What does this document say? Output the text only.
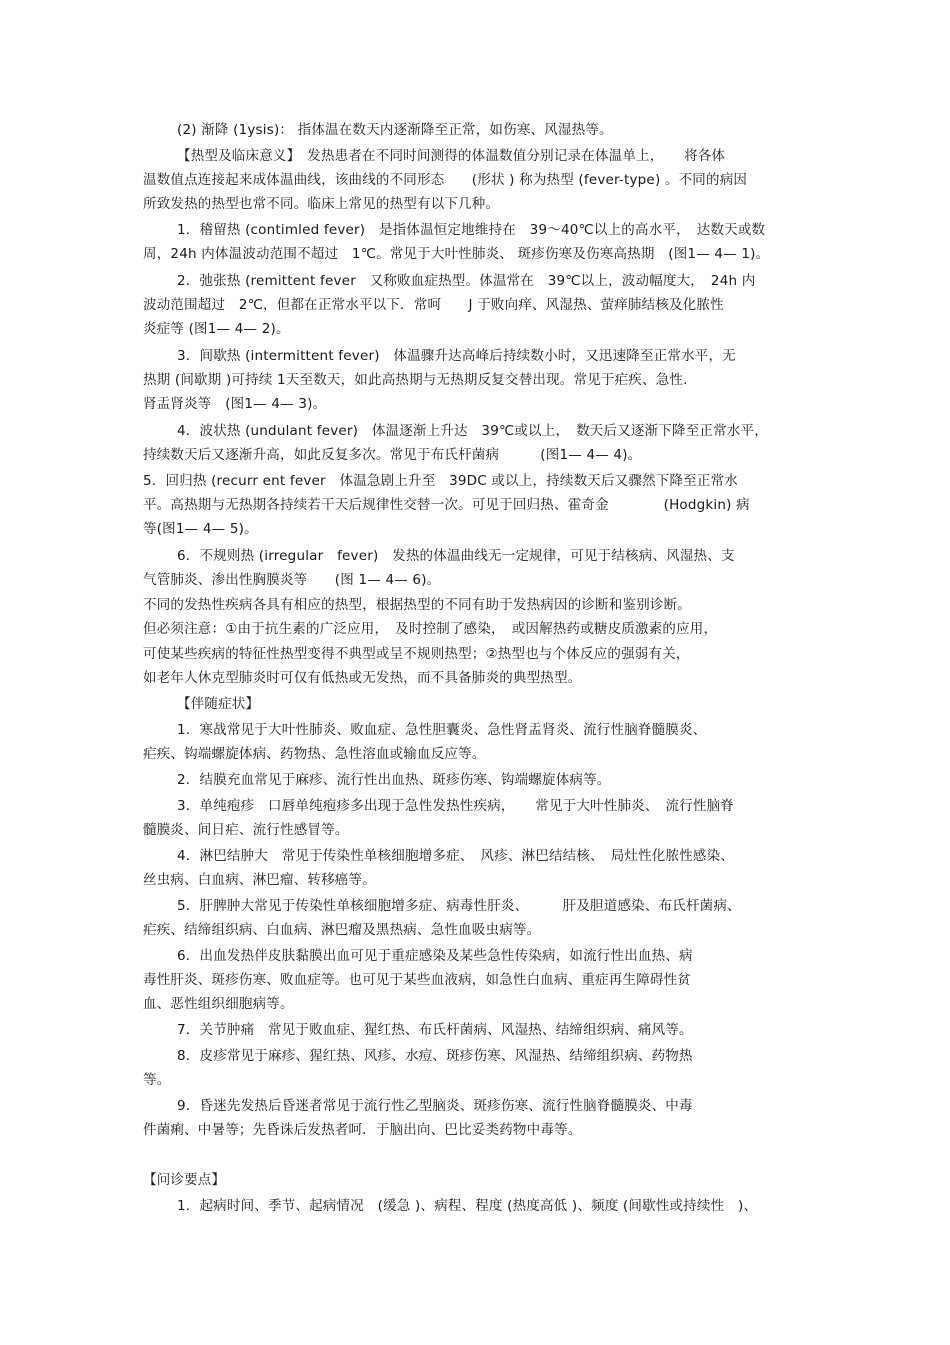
(2) 渐降 (1ysis)： 指体温在数天内逐渐降至正常，如伤寒、风湿热等。
【热型及临床意义】　发热患者在不同时间测得的体温数值分别记录在体温单上，　　将各体
温数值点连接起来成体温曲线，该曲线的不同形态　　(形状 ) 称为热型 (fever-type) 。不同的病因
所致发热的热型也常不同。临床上常见的热型有以下几种。
1．稽留热 (contimled fever)　是指体温恒定地维持在　39～40℃以上的高水平，　达数天或数
周，24h 内体温波动范围不超过　1℃。常见于大叶性肺炎、 斑疹伤寒及伤寒高热期　(图1— 4— 1)。
2．弛张热 (remittent fever　又称败血症热型。体温常在　39℃以上，波动幅度大，　24h 内
波动范围超过　2℃，但都在正常水平以下．常呵　　J 于败向痒、风湿热、萤痒肺结核及化脓性
炎症等 (图1— 4— 2)。
3．间歇热 (intermittent fever)　体温骤升达高峰后持续数小时，又迅速降至正常水平，无
热期 (间歇期 )可持续 1天至数天，如此高热期与无热期反复交替出现。常见于疟疾、急性.
肾盂肾炎等　(图1— 4— 3)。
4．波状热 (undulant fever)　体温逐渐上升达　39℃或以上，　数天后又逐渐下降至正常水平，
持续数天后又逐渐升高，如此反复多次。常见于布氏杆菌病　　　(图1— 4— 4)。
5．回归热 (recurr ent fever　体温急剧上升至　39DC 或以上，持续数天后又骤然下降至正常水
平。高热期与无热期各持续若干天后规律性交替一次。可见于回归热、霍奇金　　　　(Hodgkin) 病
等(图1— 4— 5)。
6．不规则热 (irregular　fever)　发热的体温曲线无一定规律，可见于结核病、风湿热、支
气管肺炎、渗出性胸膜炎等　　(图 1— 4— 6)。
不同的发热性疾病各具有相应的热型，根据热型的不同有助于发热病因的诊断和鉴别诊断。
但必须注意：①由于抗生素的广泛应用，　及时控制了感染，　或因解热药或糖皮质激素的应用，
可使某些疾病的特征性热型变得不典型或呈不规则热型；②热型也与个体反应的强弱有关，
如老年人休克型肺炎时可仅有低热或无发热，而不具备肺炎的典型热型。
【伴随症状】
1．寒战常见于大叶性肺炎、败血症、急性胆囊炎、急性肾盂肾炎、流行性脑脊髓膜炎、
疟疾、钩端螺旋体病、药物热、急性溶血或输血反应等。
2．结膜充血常见于麻疹、流行性出血热、斑疹伤寒、钩端螺旋体病等。
3．单纯疱疹　口唇单纯疱疹多出现于急性发热性疾病，　　常见于大叶性肺炎、　流行性脑脊
髓膜炎、间日疟、流行性感冒等。
4．淋巴结肿大　常见于传染性单核细胞增多症、　风疹、淋巴结结核、　局灶性化脓性感染、
丝虫病、白血病、淋巴瘤、转移癌等。
5．肝脾肿大常见于传染性单核细胞增多症、病毒性肝炎、　　　肝及胆道感染、布氏杆菌病、
疟疾、结缔组织病、白血病、淋巴瘤及黑热病、急性血吸虫病等。
6．出血发热伴皮肤黏膜出血可见于重症感染及某些急性传染病，如流行性出血热、病
毒性肝炎、斑疹伤寒、败血症等。也可见于某些血液病，如急性白血病、重症再生障碍性贫
血、恶性组织细胞病等。
7．关节肿痛　常见于败血症、猩红热、布氏杆菌病、风湿热、结缔组织病、痛风等。
8．皮疹常见于麻疹、猩红热、风疹、水痘、斑疹伤寒、风湿热、结缔组织病、药物热
等。
9．昏迷先发热后昏迷者常见于流行性乙型脑炎、斑疹伤寒、流行性脑脊髓膜炎、中毒
件菌痢、中暑等；先昏诛后发热者呵．于脑出向、巴比妥类药物中毒等。
【问诊要点】
1．起病时间、季节、起病情况　(缓急 )、病程、程度 (热度高低 )、频度 (间歇性或持续性　)、
